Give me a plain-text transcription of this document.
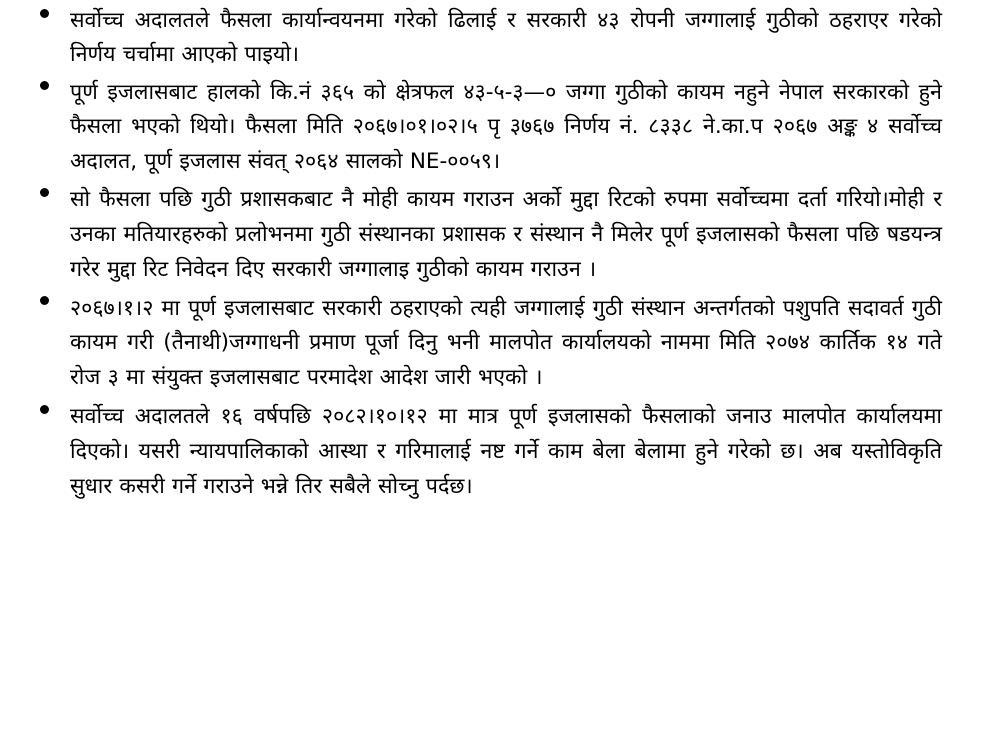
सर्वोच्च अदालतले फैसला कार्यान्वयनमा गरेको ढिलाई र सरकारी ४३ रोपनी जग्गालाई गुठीको ठहराएर गरेको निर्णय चर्चामा आएको पाइयो।

पूर्ण इजलासबाट हालको कि.नं ३६५ को क्षेत्रफल ४३-५-३—० जग्गा गुठीको कायम नहुने नेपाल सरकारको हुने फैसला भएको थियो। फैसला मिति २०६७।०१।०२।५ पृ ३७६७ निर्णय नं. ८३३८ ने.का.प २०६७ अङ्क ४ सर्वोच्च अदालत, पूर्ण इजलास संवत् २०६४ सालको NE-००५९।

सो फैसला पछि गुठी प्रशासकबाट नै मोही कायम गराउन अर्को मुद्दा रिटको रुपमा सर्वोच्चमा दर्ता गरियो।मोही र उनका मतियारहरुको प्रलोभनमा गुठी संस्थानका प्रशासक र संस्थान नै मिलेर पूर्ण इजलासको फैसला पछि षडयन्त्र गरेर मुद्दा रिट निवेदन दिए सरकारी जग्गालाइ गुठीको कायम गराउन ।

२०६७।१।२ मा पूर्ण इजलासबाट सरकारी ठहराएको त्यही जग्गालाई गुठी संस्थान अन्तर्गतको पशुपति सदावर्त गुठी कायम गरी (तैनाथी)जग्गाधनी प्रमाण पूर्जा दिनु भनी मालपोत कार्यालयको नाममा मिति २०७४ कार्तिक १४ गते रोज ३ मा संयुक्त इजलासबाट परमादेश आदेश जारी भएको ।

सर्वोच्च अदालतले १६ वर्षपछि २०८२।१०।१२ मा मात्र पूर्ण इजलासको फैसलाको जनाउ मालपोत कार्यालयमा दिएको। यसरी न्यायपालिकाको आस्था र गरिमालाई नष्ट गर्ने काम बेला बेलामा हुने गरेको छ। अब यस्तोविकृति सुधार कसरी गर्ने गराउने भन्ने तिर सबैले सोच्नु पर्दछ।
